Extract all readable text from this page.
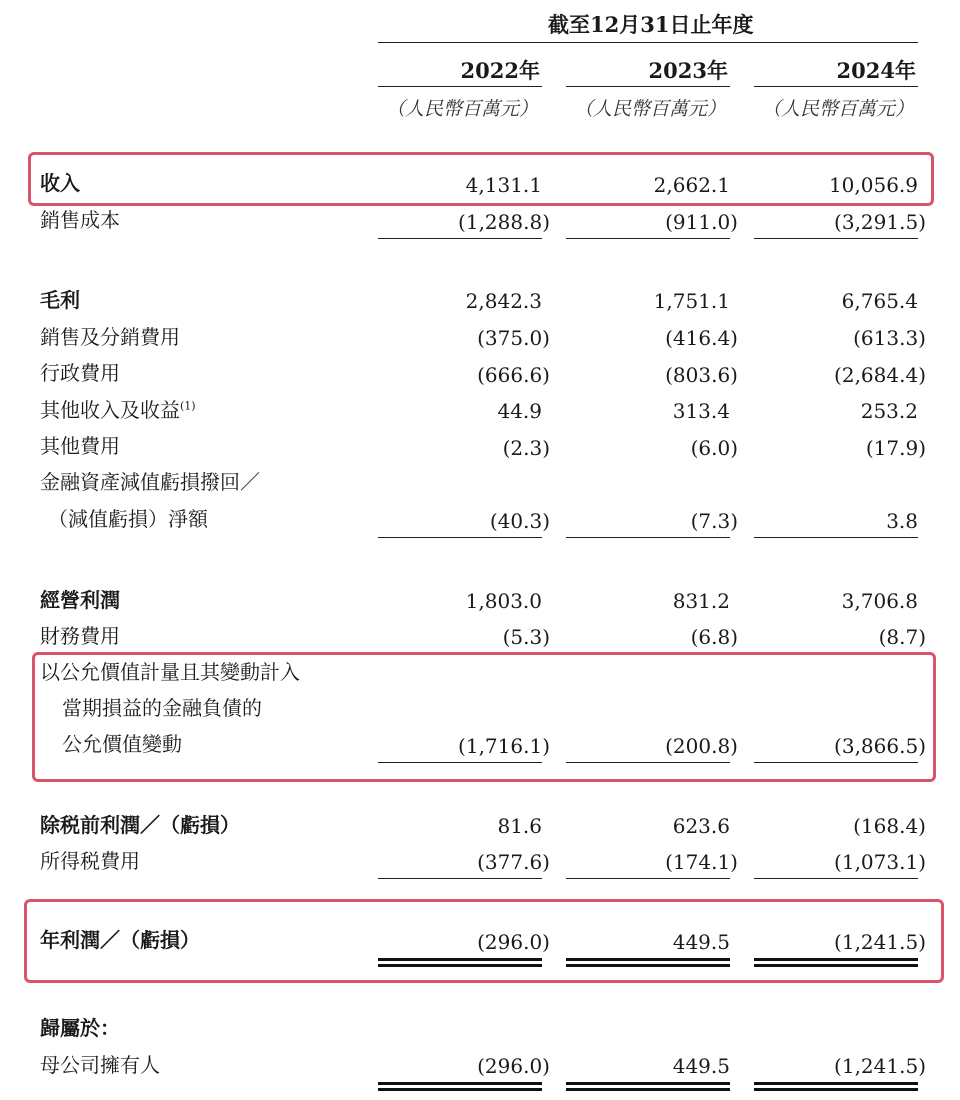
截至12月31日止年度
2022年	2023年	2024年
（人民幣百萬元）	（人民幣百萬元）	（人民幣百萬元）
收入	4,131.1	2,662.1	10,056.9
銷售成本	(1,288.8)	(911.0)	(3,291.5)
毛利	2,842.3	1,751.1	6,765.4
銷售及分銷費用	(375.0)	(416.4)	(613.3)
行政費用	(666.6)	(803.6)	(2,684.4)
其他收入及收益$^{(1)}$	44.9	313.4	253.2
其他費用	(2.3)	(6.0)	(17.9)
金融資產減值虧損撥回／
（減值虧損）淨額	(40.3)	(7.3)	3.8
經營利潤	1,803.0	831.2	3,706.8
財務費用	(5.3)	(6.8)	(8.7)
以公允價值計量且其變動計入
當期損益的金融負債的
公允價值變動	(1,716.1)	(200.8)	(3,866.5)
除税前利潤／（虧損）	81.6	623.6	(168.4)
所得税費用	(377.6)	(174.1)	(1,073.1)
年利潤／（虧損）	(296.0)	449.5	(1,241.5)
歸屬於：
母公司擁有人	(296.0)	449.5	(1,241.5)
